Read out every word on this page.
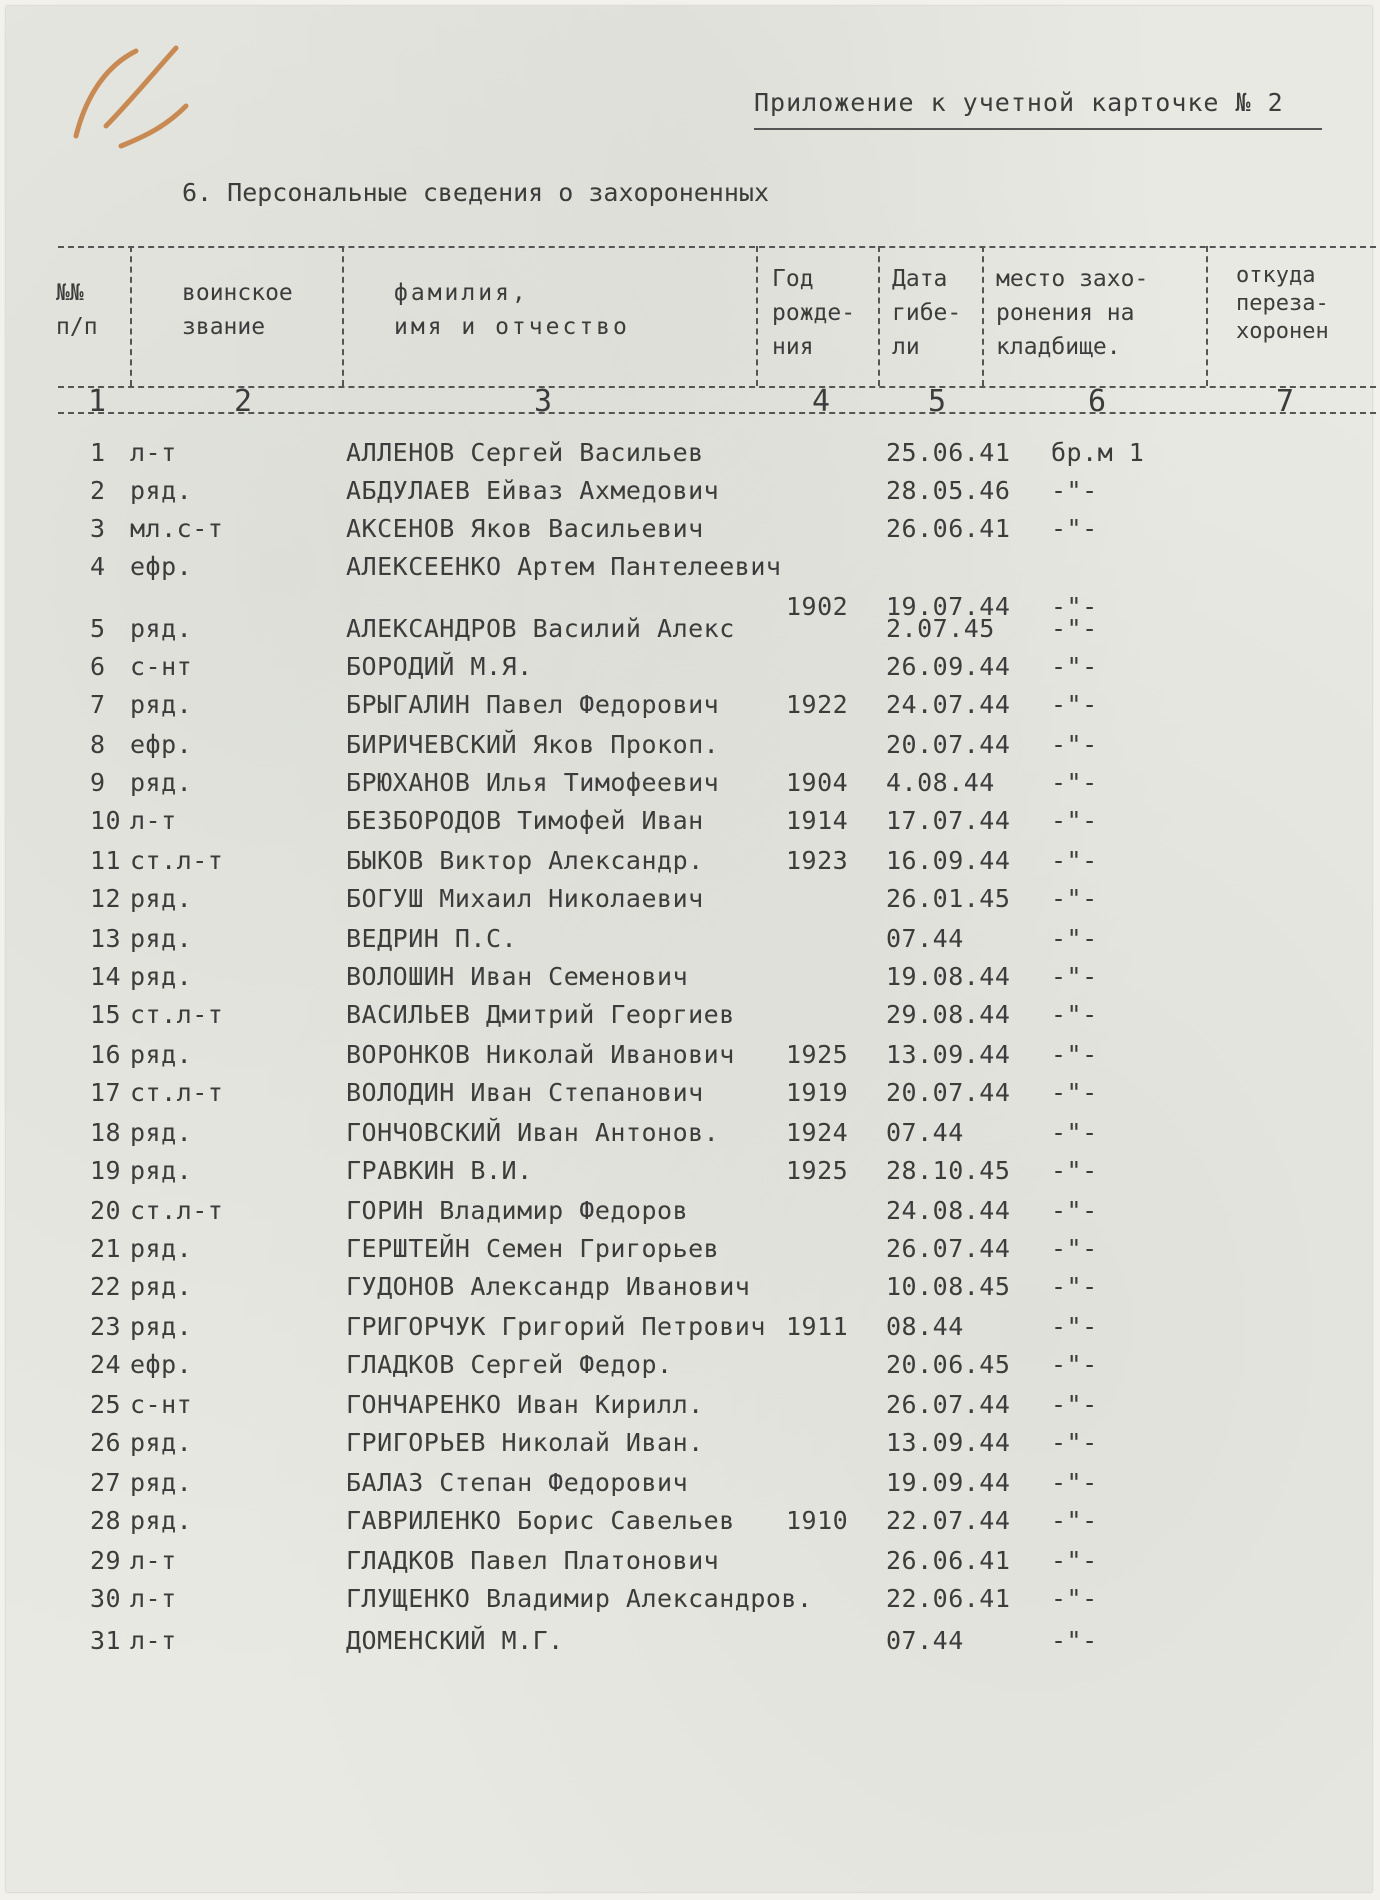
Приложение к учетной карточке № 2
6. Персональные сведения о захороненных
№№
п/п
воинское
звание
фамилия,
имя и отчество
Год
рожде-
ния
Дата
гибе-
ли
место захо-
ронения на
кладбище.
откуда
переза-
хоронен
1	2	3	4	5	6	7
1 л-т	АЛЛЕНОВ Сергей Васильев	25.06.41 бр.м 1
2 ряд.	АБДУЛАЕВ Ейваз Ахмедович	28.05.46 -"-
3 мл.с-т	АКСЕНОВ Яков Васильевич	26.06.41 -"-
4 ефр.	АЛЕКСЕЕНКО Артем Пантелеевич
1902 19.07.44 -"-
5 ряд.	АЛЕКСАНДРОВ Василий Алекс	2.07.45 -"-
6 с-нт	БОРОДИЙ М.Я.	26.09.44 -"-
7 ряд.	БРЫГАЛИН Павел Федорович	1922 24.07.44 -"-
8 ефр.	БИРИЧЕВСКИЙ Яков Прокоп.	20.07.44 -"-
9 ряд.	БРЮХАНОВ Илья Тимофеевич	1904 4.08.44 -"-
10 л-т	БЕЗБОРОДОВ Тимофей Иван	1914 17.07.44 -"-
11 ст.л-т	БЫКОВ Виктор Александр.	1923 16.09.44 -"-
12 ряд.	БОГУШ Михаил Николаевич	26.01.45 -"-
13 ряд.	ВЕДРИН П.С.	07.44	-"-
14 ряд.	ВОЛОШИН Иван Семенович	19.08.44 -"-
15 ст.л-т	ВАСИЛЬЕВ Дмитрий Георгиев	29.08.44 -"-
16 ряд.	ВОРОНКОВ Николай Иванович 1925 13.09.44 -"-
17 ст.л-т	ВОЛОДИН Иван Степанович	1919 20.07.44 -"-
18 ряд.	ГОНЧОВСКИЙ Иван Антонов.	1924 07.44	-"-
19 ряд.	ГРАВКИН В.И.	1925 28.10.45 -"-
20 ст.л-т	ГОРИН Владимир Федоров	24.08.44 -"-
21 ряд.	ГЕРШТЕЙН Семен Григорьев	26.07.44 -"-
22 ряд.	ГУДОНОВ Александр Иванович	10.08.45 -"-
23 ряд.	ГРИГОРЧУК Григорий Петрович 1911 08.44	-"-
24 ефр.	ГЛАДКОВ Сергей Федор.	20.06.45 -"-
25 с-нт	ГОНЧАРЕНКО Иван Кирилл.	26.07.44 -"-
26 ряд.	ГРИГОРЬЕВ Николай Иван.	13.09.44 -"-
27 ряд.	БАЛАЗ Степан Федорович	19.09.44 -"-
28 ряд.	ГАВРИЛЕНКО Борис Савельев 1910 22.07.44 -"-
29 л-т	ГЛАДКОВ Павел Платонович	26.06.41 -"-
30 л-т	ГЛУЩЕНКО Владимир Александров.	22.06.41 -"-
31 л-т	ДОМЕНСКИЙ М.Г.	07.44	-"-
